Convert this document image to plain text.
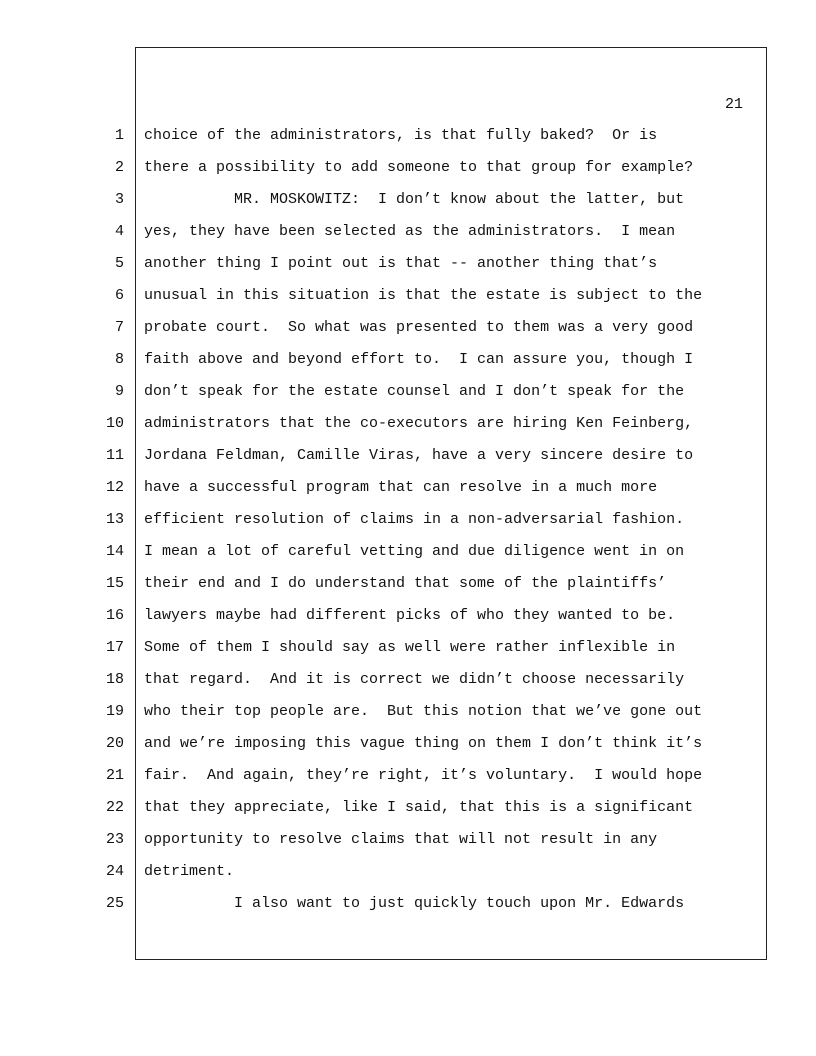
21
1 choice of the administrators, is that fully baked?  Or is
2 there a possibility to add someone to that group for example?
3 MR. MOSKOWITZ:  I don’t know about the latter, but
4 yes, they have been selected as the administrators.  I mean
5 another thing I point out is that -- another thing that’s
6 unusual in this situation is that the estate is subject to the
7 probate court.  So what was presented to them was a very good
8 faith above and beyond effort to.  I can assure you, though I
9 don’t speak for the estate counsel and I don’t speak for the
10 administrators that the co-executors are hiring Ken Feinberg,
11 Jordana Feldman, Camille Viras, have a very sincere desire to
12 have a successful program that can resolve in a much more
13 efficient resolution of claims in a non-adversarial fashion.
14 I mean a lot of careful vetting and due diligence went in on
15 their end and I do understand that some of the plaintiffs’
16 lawyers maybe had different picks of who they wanted to be.
17 Some of them I should say as well were rather inflexible in
18 that regard.  And it is correct we didn’t choose necessarily
19 who their top people are.  But this notion that we’ve gone out
20 and we’re imposing this vague thing on them I don’t think it’s
21 fair.  And again, they’re right, it’s voluntary.  I would hope
22 that they appreciate, like I said, that this is a significant
23 opportunity to resolve claims that will not result in any
24 detriment.
25 I also want to just quickly touch upon Mr. Edwards
